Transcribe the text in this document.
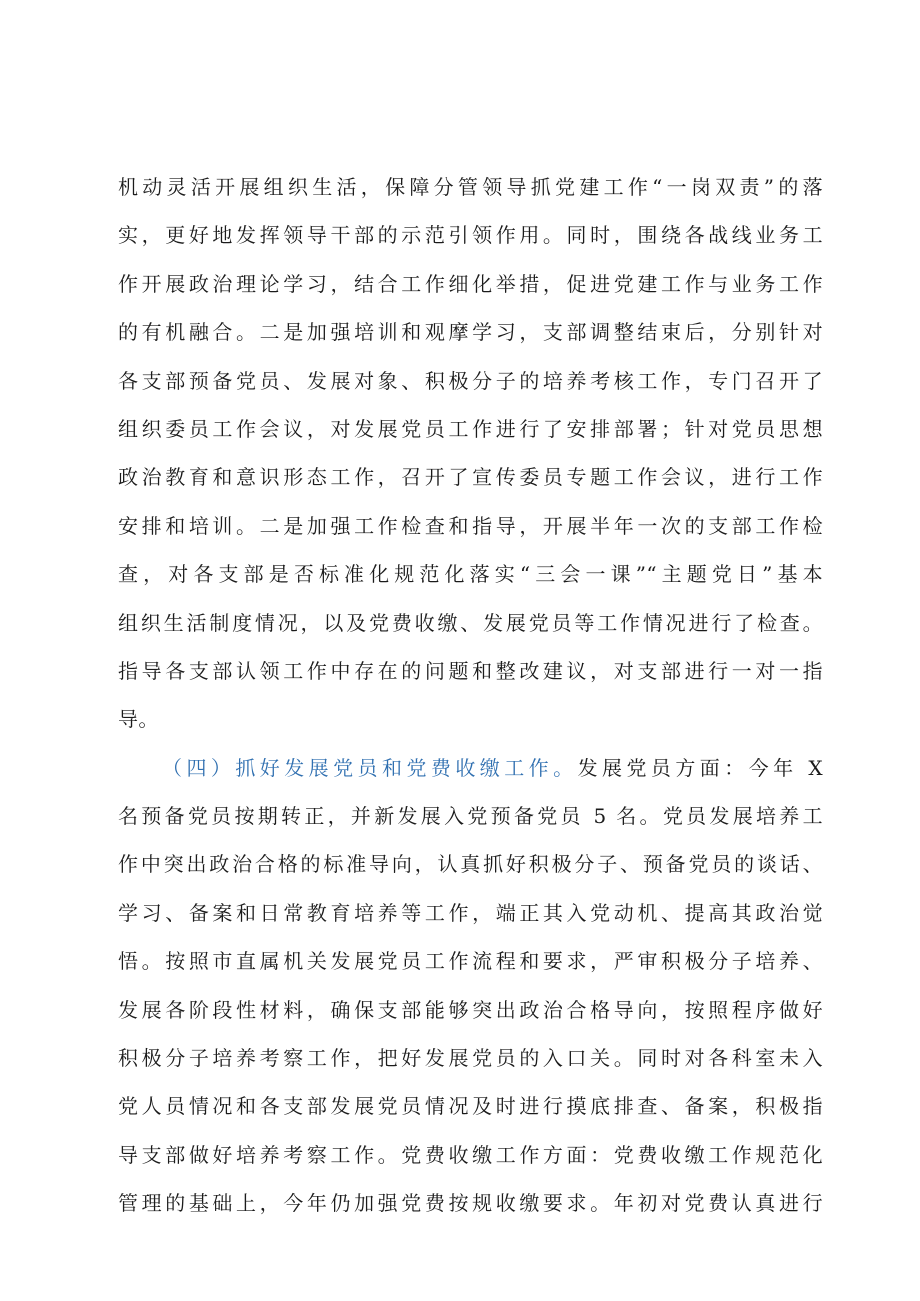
机动灵活开展组织生活，保障分管领导抓党建工作“一岗双责”的落
实，更好地发挥领导干部的示范引领作用。同时，围绕各战线业务工
作开展政治理论学习，结合工作细化举措，促进党建工作与业务工作
的有机融合。二是加强培训和观摩学习，支部调整结束后，分别针对
各支部预备党员、发展对象、积极分子的培养考核工作，专门召开了
组织委员工作会议，对发展党员工作进行了安排部署；针对党员思想
政治教育和意识形态工作，召开了宣传委员专题工作会议，进行工作
安排和培训。二是加强工作检查和指导，开展半年一次的支部工作检
查，对各支部是否标准化规范化落实“三会一课”“主题党日”基本
组织生活制度情况，以及党费收缴、发展党员等工作情况进行了检查。
指导各支部认领工作中存在的问题和整改建议，对支部进行一对一指
导。
（四）抓好发展党员和党费收缴工作。发展党员方面：今年 X
名预备党员按期转正，并新发展入党预备党员 5 名。党员发展培养工
作中突出政治合格的标准导向，认真抓好积极分子、预备党员的谈话、
学习、备案和日常教育培养等工作，端正其入党动机、提高其政治觉
悟。按照市直属机关发展党员工作流程和要求，严审积极分子培养、
发展各阶段性材料，确保支部能够突出政治合格导向，按照程序做好
积极分子培养考察工作，把好发展党员的入口关。同时对各科室未入
党人员情况和各支部发展党员情况及时进行摸底排查、备案，积极指
导支部做好培养考察工作。党费收缴工作方面：党费收缴工作规范化
管理的基础上，今年仍加强党费按规收缴要求。年初对党费认真进行
